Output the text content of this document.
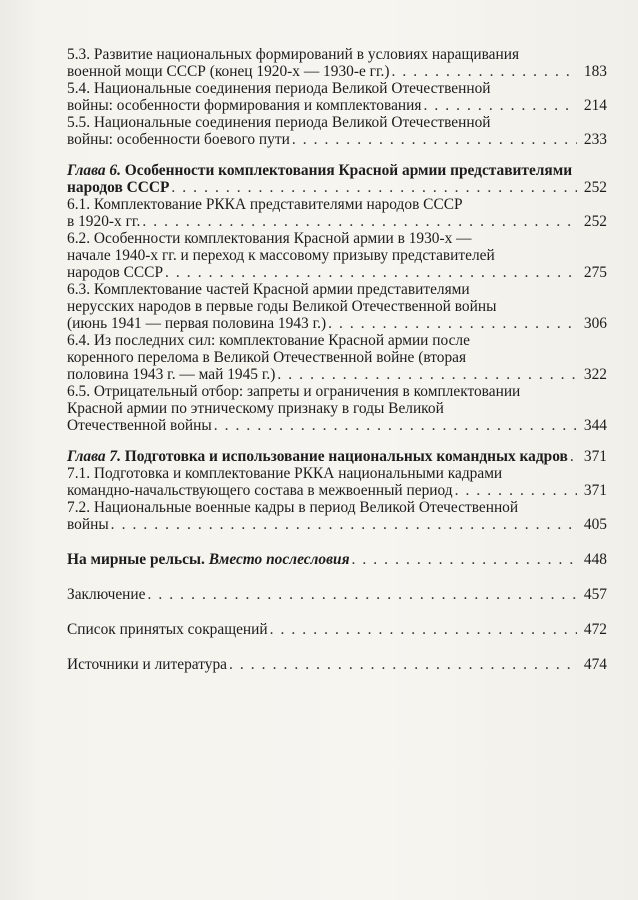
5.3. Развитие национальных формирований в условиях наращивания
военной мощи СССР (конец 1920-х — 1930-е гг.) . . .	183
5.4. Национальные соединения периода Великой Отечественной
войны: особенности формирования и комплектования . . .	214
5.5. Национальные соединения периода Великой Отечественной
войны: особенности боевого пути . . .	233
Глава 6. Особенности комплектования Красной армии представителями
народов СССР . . .	252
6.1. Комплектование РККА представителями народов СССР
в 1920-х гг. . . .	252
6.2. Особенности комплектования Красной армии в 1930-х —
начале 1940-х гг. и переход к массовому призыву представителей
народов СССР . . .	275
6.3. Комплектование частей Красной армии представителями
нерусских народов в первые годы Великой Отечественной войны
(июнь 1941 — первая половина 1943 г.) . . .	306
6.4. Из последних сил: комплектование Красной армии после
коренного перелома в Великой Отечественной войне (вторая
половина 1943 г. — май 1945 г.) . . .	322
6.5. Отрицательный отбор: запреты и ограничения в комплектовании
Красной армии по этническому признаку в годы Великой
Отечественной войны . . .	344
Глава 7. Подготовка и использование национальных командных кадров . . . 371
7.1. Подготовка и комплектование РККА национальными кадрами
командно-начальствующего состава в межвоенный период . . .	371
7.2. Национальные военные кадры в период Великой Отечественной
войны . . .	405
На мирные рельсы. Вместо послесловия . . .	448
Заключение . . .	457
Список принятых сокращений . . .	472
Источники и литература . . .	474
